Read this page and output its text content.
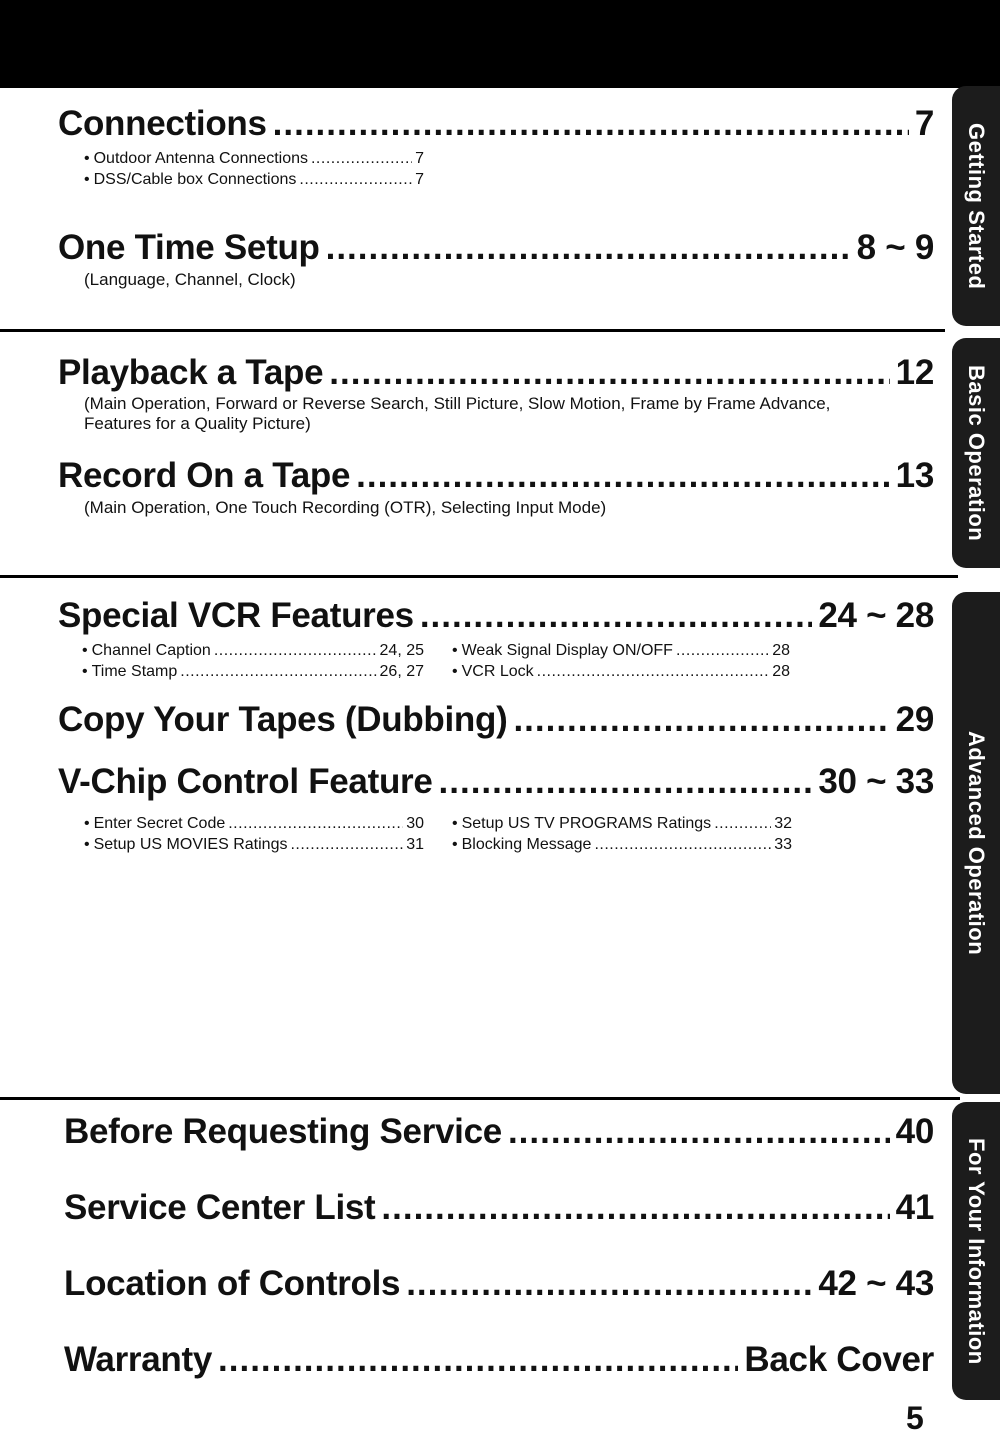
Connections .....	7
• Outdoor Antenna Connections .....	7
• DSS/Cable box Connections .....	7
One Time Setup .....	8 ~ 9
(Language, Channel, Clock)
Playback a Tape .....	12
(Main Operation, Forward or Reverse Search, Still Picture, Slow Motion, Frame by Frame Advance, Features for a Quality Picture)
Record On a Tape .....	13
(Main Operation, One Touch Recording (OTR), Selecting Input Mode)
Special VCR Features .....	24 ~ 28
• Channel Caption .....	24, 25
• Time Stamp .....	26, 27
• Weak Signal Display ON/OFF .....	28
• VCR Lock .....	28
Copy Your Tapes (Dubbing) .....	29
V-Chip Control Feature .....	30 ~ 33
• Enter Secret Code .....	30
• Setup US MOVIES Ratings .....	31
• Setup US TV PROGRAMS Ratings .....	32
• Blocking Message .....	33
Before Requesting Service .....	40
Service Center List .....	41
Location of Controls .....	42 ~ 43
Warranty .....	Back Cover
Getting Started
Basic Operation
Advanced Operation
For Your Information
5
